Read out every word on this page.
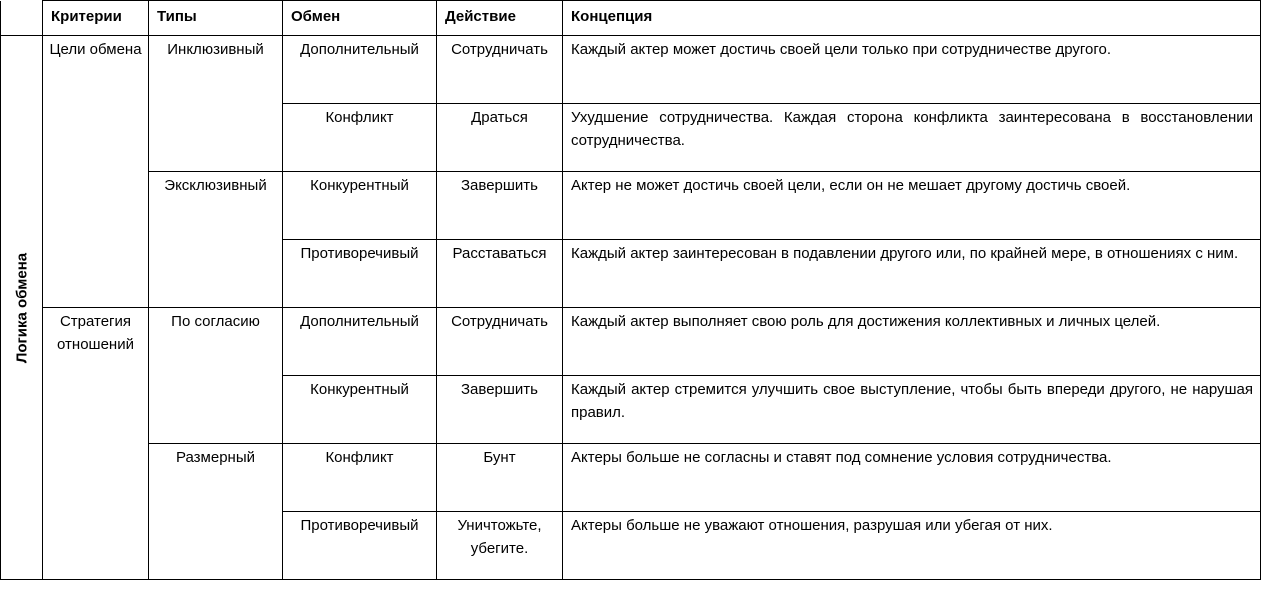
	Критерии	Типы	Обмен	Действие	Концепция

Логика обмена	Цели обмена	Инклюзивный	Дополнительный	Сотрудничать	Каждый актер может достичь своей цели только при сотрудничестве другого.
			Конфликт	Драться	Ухудшение сотрудничества. Каждая сторона конфликта заинтересована в восстановлении сотрудничества.
		Эксклюзивный	Конкурентный	Завершить	Актер не может достичь своей цели, если он не мешает другому достичь своей.
			Противоречивый	Расставаться	Каждый актер заинтересован в подавлении другого или, по крайней мере, в отношениях с ним.
	Стратегия отношений	По согласию	Дополнительный	Сотрудничать	Каждый актер выполняет свою роль для достижения коллективных и личных целей.
			Конкурентный	Завершить	Каждый актер стремится улучшить свое выступление, чтобы быть впереди другого, не нарушая правил.
		Размерный	Конфликт	Бунт	Актеры больше не согласны и ставят под сомнение условия сотрудничества.
			Противоречивый	Уничтожьте, убегите.	Актеры больше не уважают отношения, разрушая или убегая от них.
